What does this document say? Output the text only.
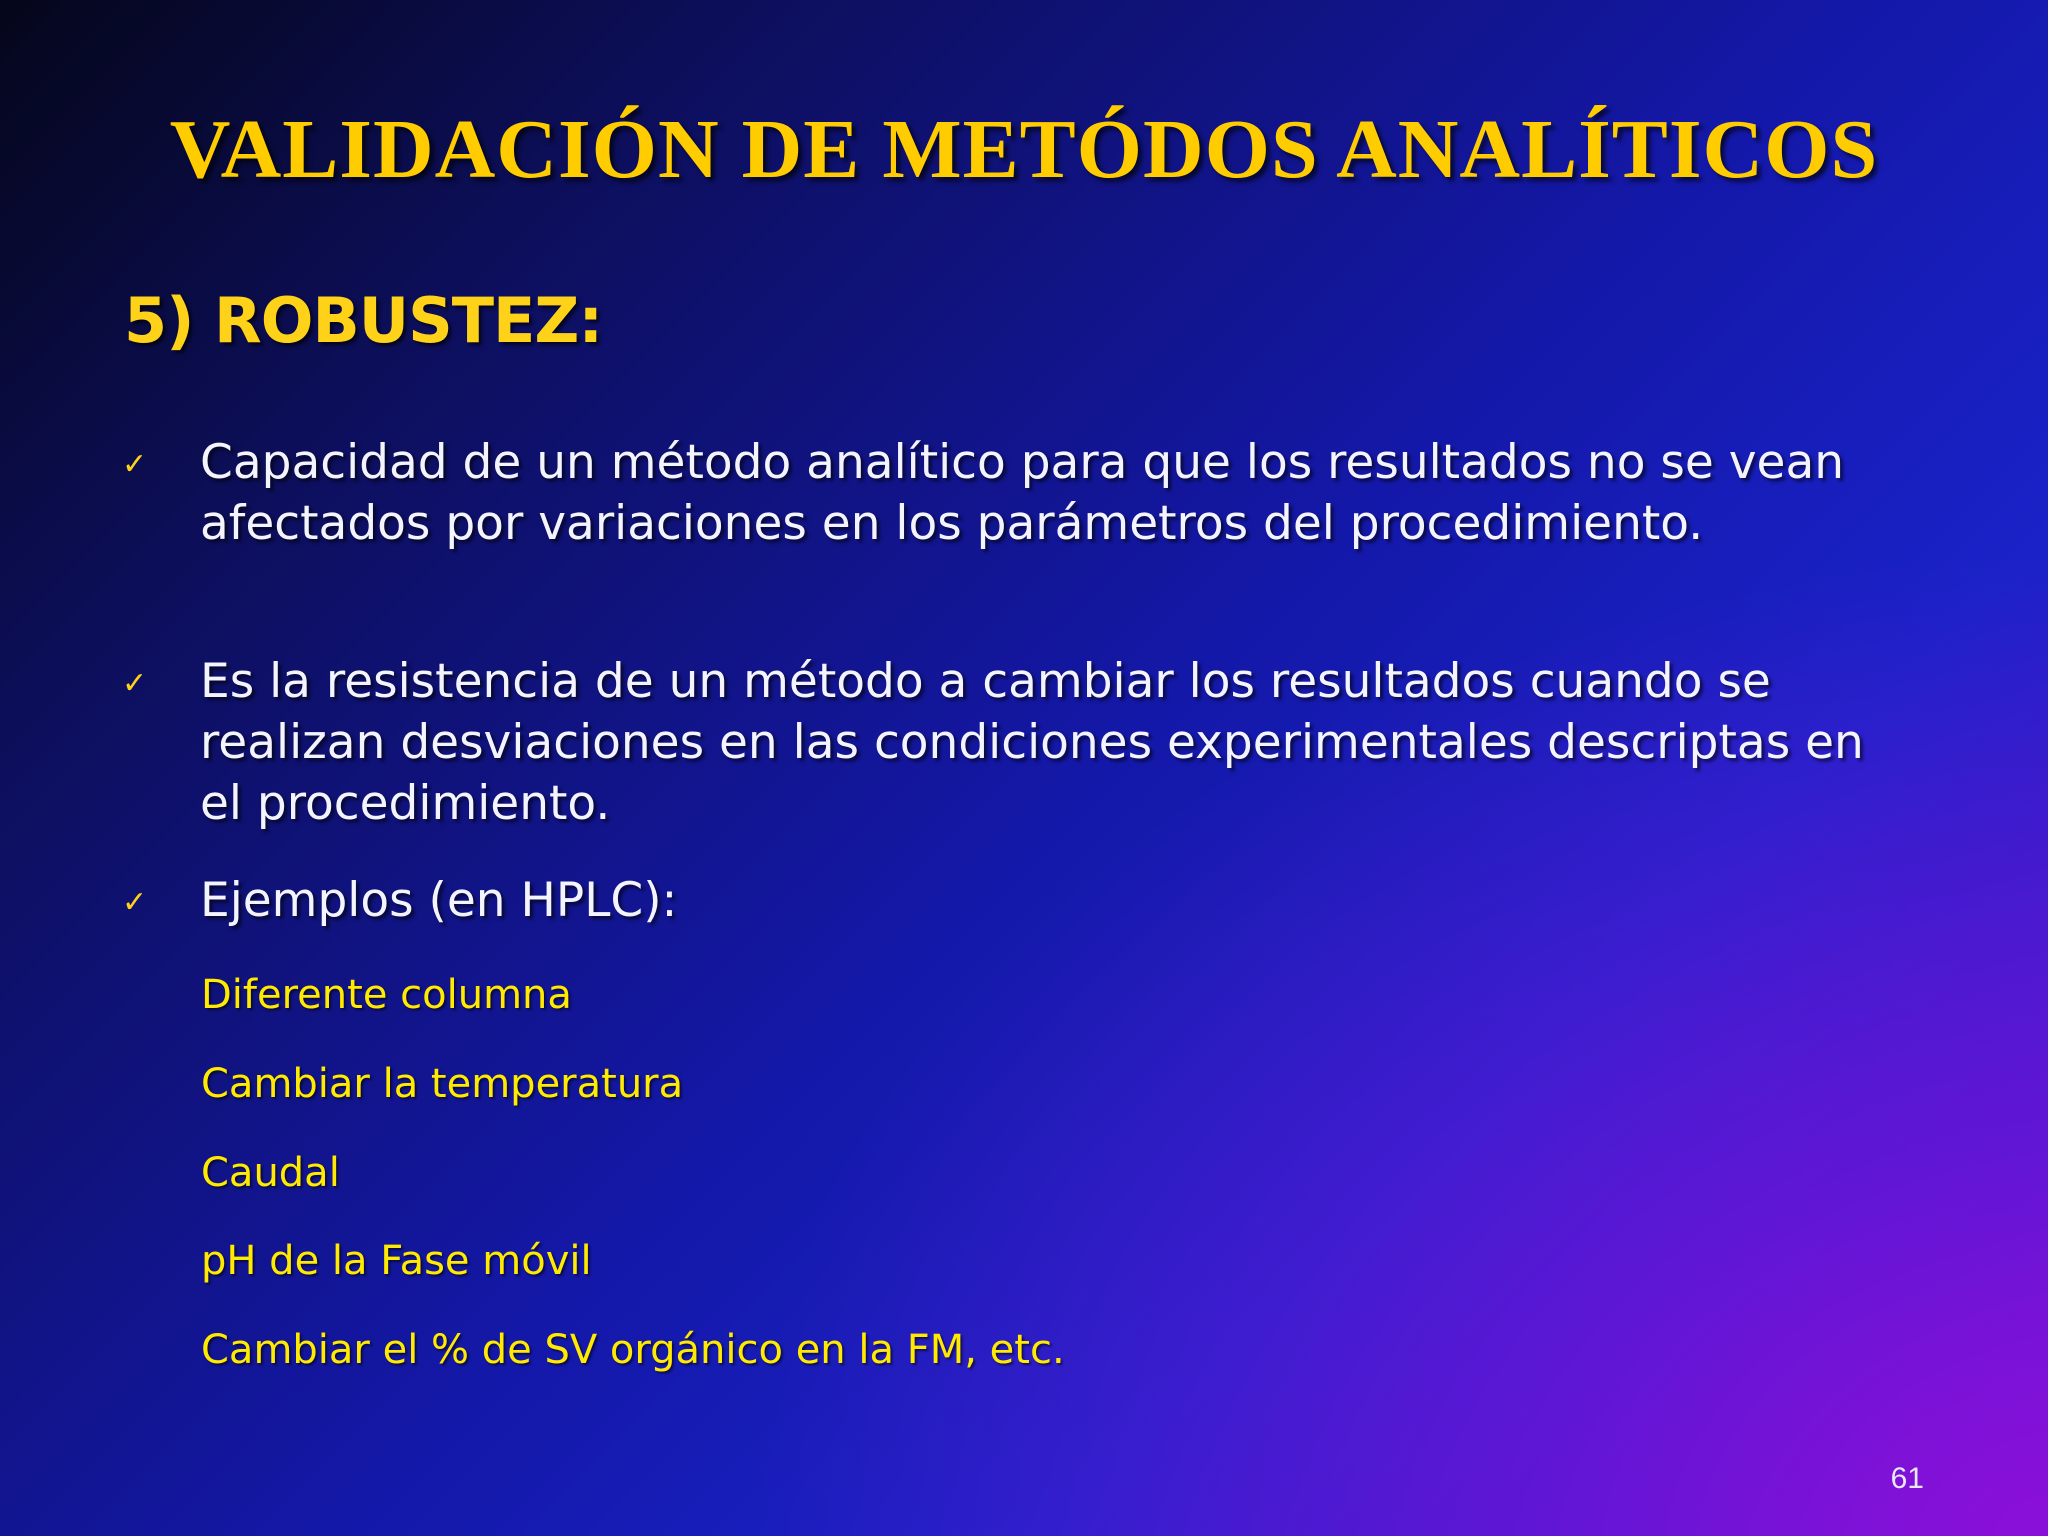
VALIDACIÓN DE METÓDOS ANALÍTICOS
5) ROBUSTEZ:
✓	Capacidad de un método analítico para que los resultados no se vean afectados por variaciones en los parámetros del procedimiento.
✓	Es la resistencia de un método a cambiar los resultados cuando se realizan desviaciones en las condiciones experimentales descriptas en el procedimiento.
✓	Ejemplos (en HPLC):
Diferente columna
Cambiar la temperatura
Caudal
pH de la Fase móvil
Cambiar el % de SV orgánico en la FM, etc.
61
